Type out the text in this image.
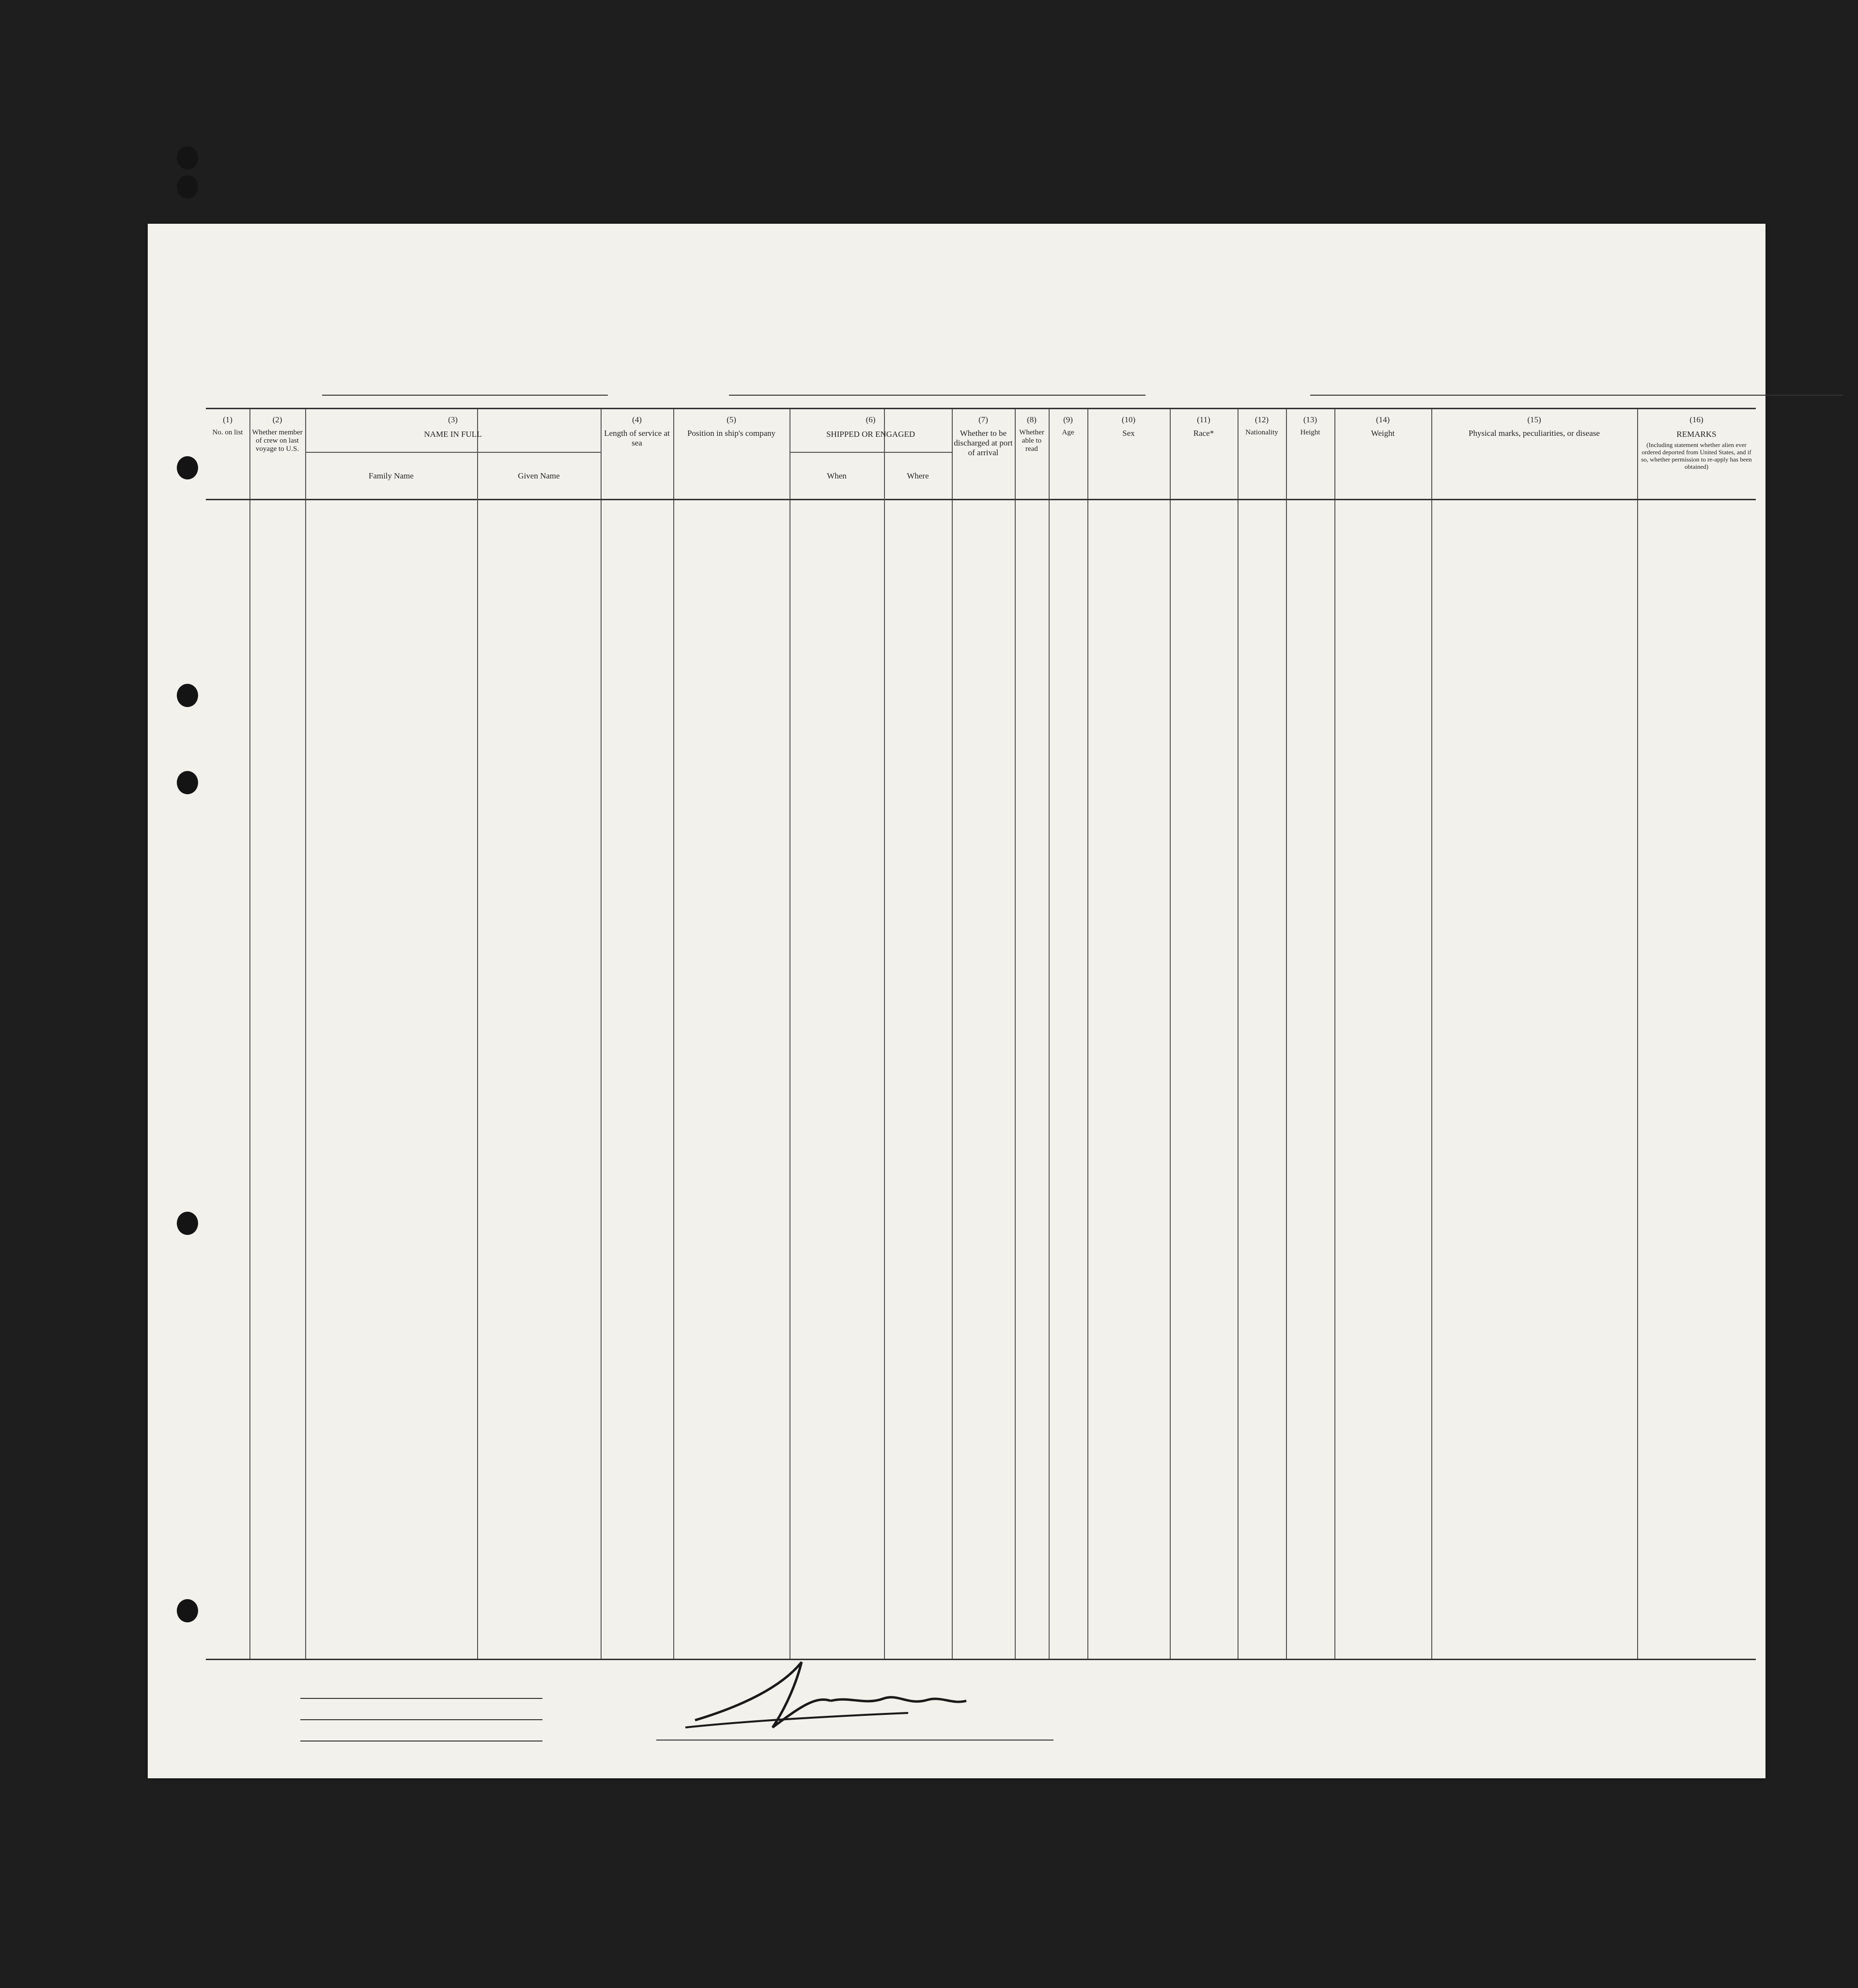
(1)
No. on list
(2)
Whether member of crew on last voyage to U.S.
(3)
NAME IN FULL
Family Name	Given Name
(4)
Length of service at sea
(5)
Position in ship's company
(6)
SHIPPED OR ENGAGED
When	Where
(7)
Whether to be discharged at port of arrival
(8)
Whether able to read
(9)
Age
(10)
Sex
(11)
Race*
(12)
Nationality
(13)
Height
(14)
Weight
(15)
Physical marks, peculiarities, or disease
(16)
REMARKS
(Including statement whether alien ever ordered deported from United States, and if so, whether permission to re-apply has been obtained)
